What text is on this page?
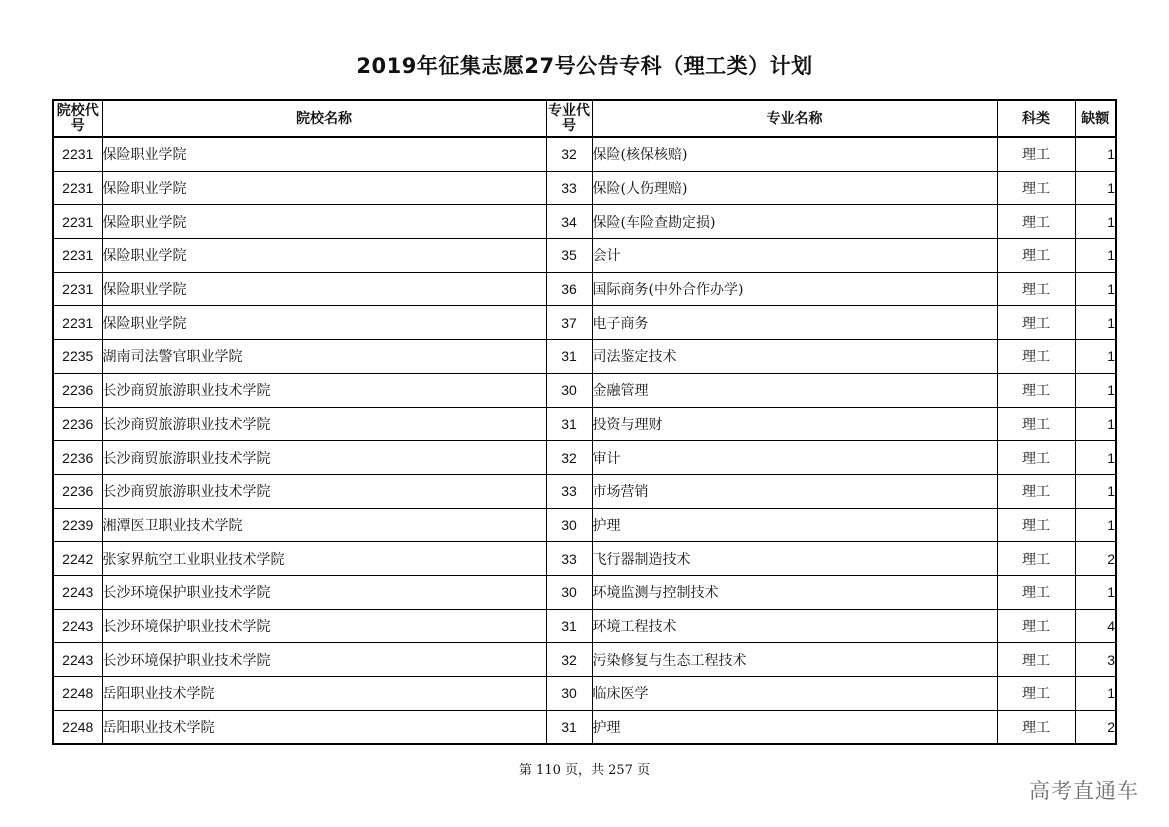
2019年征集志愿27号公告专科（理工类）计划
院校代号	院校名称	专业代号	专业名称	科类	缺额
2231	保险职业学院	32	保险(核保核赔)	理工	1
2231	保险职业学院	33	保险(人伤理赔)	理工	1
2231	保险职业学院	34	保险(车险查勘定损)	理工	1
2231	保险职业学院	35	会计	理工	1
2231	保险职业学院	36	国际商务(中外合作办学)	理工	1
2231	保险职业学院	37	电子商务	理工	1
2235	湖南司法警官职业学院	31	司法鉴定技术	理工	1
2236	长沙商贸旅游职业技术学院	30	金融管理	理工	1
2236	长沙商贸旅游职业技术学院	31	投资与理财	理工	1
2236	长沙商贸旅游职业技术学院	32	审计	理工	1
2236	长沙商贸旅游职业技术学院	33	市场营销	理工	1
2239	湘潭医卫职业技术学院	30	护理	理工	1
2242	张家界航空工业职业技术学院	33	飞行器制造技术	理工	2
2243	长沙环境保护职业技术学院	30	环境监测与控制技术	理工	1
2243	长沙环境保护职业技术学院	31	环境工程技术	理工	4
2243	长沙环境保护职业技术学院	32	污染修复与生态工程技术	理工	3
2248	岳阳职业技术学院	30	临床医学	理工	1
2248	岳阳职业技术学院	31	护理	理工	2
第 110 页，共 257 页
高考直通车
